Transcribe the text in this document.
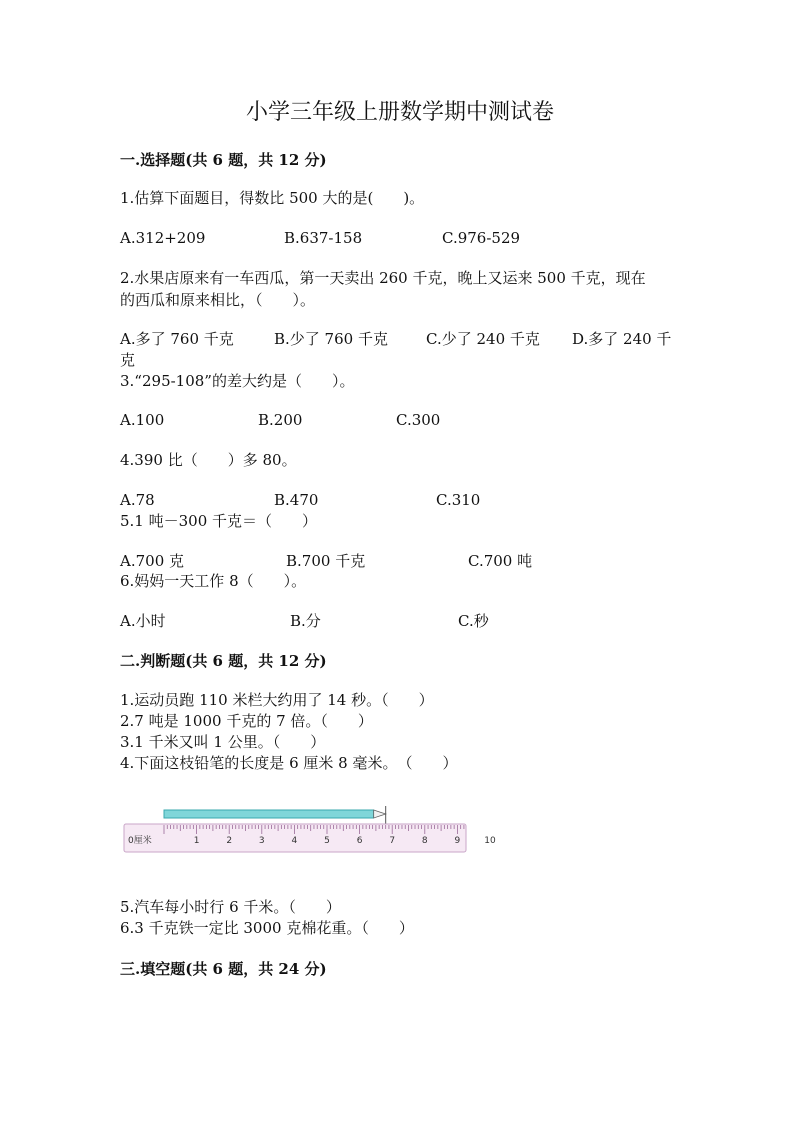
小学三年级上册数学期中测试卷
一.选择题(共 6 题，共 12 分)
1.估算下面题目，得数比 500 大的是(　　)。
A.312+209	B.637-158	C.976-529
2.水果店原来有一车西瓜，第一天卖出 260 千克，晚上又运来 500 千克，现在
的西瓜和原来相比，（　　）。
A.多了 760 千克	B.少了 760 千克	C.少了 240 千克 D.多了 240 千
克
3.“295-108”的差大约是（　　）。
A.100	B.200	C.300
4.390 比（　　）多 80。
A.78	B.470	C.310
5.1 吨－300 千克＝（　　）
A.700 克	B.700 千克	C.700 吨
6.妈妈一天工作 8（　　）。
A.小时	B.分	C.秒
二.判断题(共 6 题，共 12 分)
1.运动员跑 110 米栏大约用了 14 秒。（　　）
2.7 吨是 1000 千克的 7 倍。（　　）
3.1 千米又叫 1 公里。（　　）
4.下面这枝铅笔的长度是 6 厘米 8 毫米。　（　　）
0厘米	1	2	3	4	5	6	7	8	9	10
5.汽车每小时行 6 千米。（　　）
6.3 千克铁一定比 3000 克棉花重。（　　）
三.填空题(共 6 题，共 24 分)
